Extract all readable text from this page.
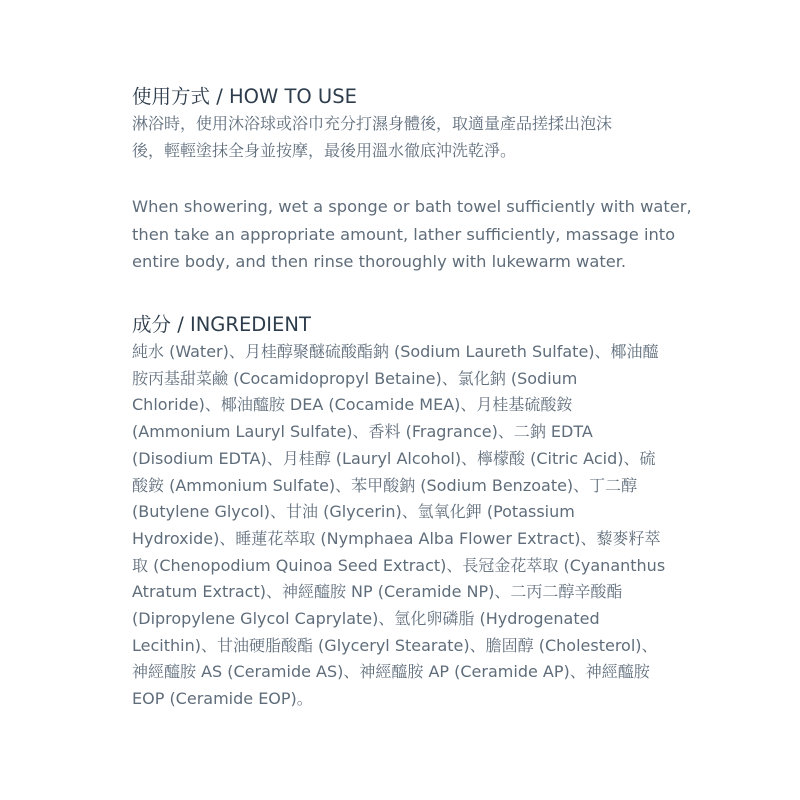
使用方式 / HOW TO USE

淋浴時，使用沐浴球或浴巾充分打濕身體後，取適量產品搓揉出泡沫

後，輕輕塗抹全身並按摩，最後用溫水徹底沖洗乾淨。

When showering, wet a sponge or bath towel sufficiently with water,

then take an appropriate amount, lather sufficiently, massage into

entire body, and then rinse thoroughly with lukewarm water.

成分 / INGREDIENT

純水 (Water)、月桂醇聚醚硫酸酯鈉 (Sodium Laureth Sulfate)、椰油醯

胺丙基甜菜鹼 (Cocamidopropyl Betaine)、氯化鈉 (Sodium

Chloride)、椰油醯胺 DEA (Cocamide MEA)、月桂基硫酸銨

(Ammonium Lauryl Sulfate)、香料 (Fragrance)、二鈉 EDTA

(Disodium EDTA)、月桂醇 (Lauryl Alcohol)、檸檬酸 (Citric Acid)、硫

酸銨 (Ammonium Sulfate)、苯甲酸鈉 (Sodium Benzoate)、丁二醇

(Butylene Glycol)、甘油 (Glycerin)、氫氧化鉀 (Potassium

Hydroxide)、睡蓮花萃取 (Nymphaea Alba Flower Extract)、藜麥籽萃

取 (Chenopodium Quinoa Seed Extract)、長冠金花萃取 (Cyananthus

Atratum Extract)、神經醯胺 NP (Ceramide NP)、二丙二醇辛酸酯

(Dipropylene Glycol Caprylate)、氫化卵磷脂 (Hydrogenated

Lecithin)、甘油硬脂酸酯 (Glyceryl Stearate)、膽固醇 (Cholesterol)、

神經醯胺 AS (Ceramide AS)、神經醯胺 AP (Ceramide AP)、神經醯胺

EOP (Ceramide EOP)。
